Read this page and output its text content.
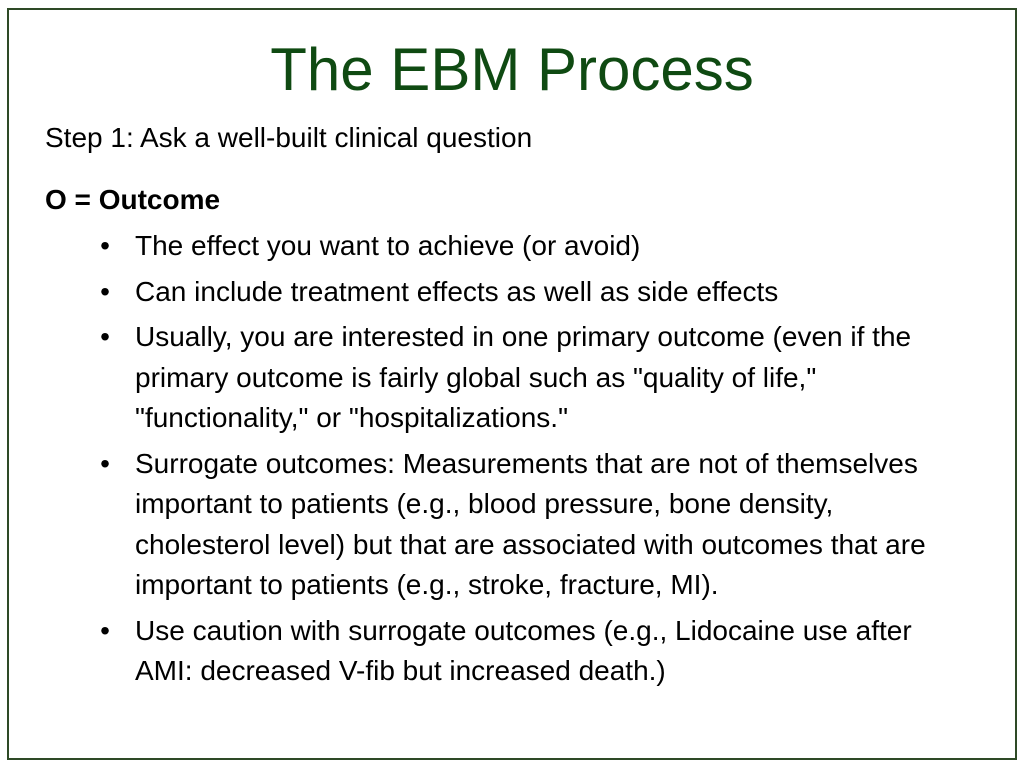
The EBM Process

Step 1: Ask a well-built clinical question

O = Outcome

• The effect you want to achieve (or avoid)
• Can include treatment effects as well as side effects
• Usually, you are interested in one primary outcome (even if the primary outcome is fairly global such as "quality of life," "functionality," or "hospitalizations."
• Surrogate outcomes: Measurements that are not of themselves important to patients (e.g., blood pressure, bone density, cholesterol level) but that are associated with outcomes that are important to patients (e.g., stroke, fracture, MI).
• Use caution with surrogate outcomes (e.g., Lidocaine use after AMI: decreased V-fib but increased death.)
